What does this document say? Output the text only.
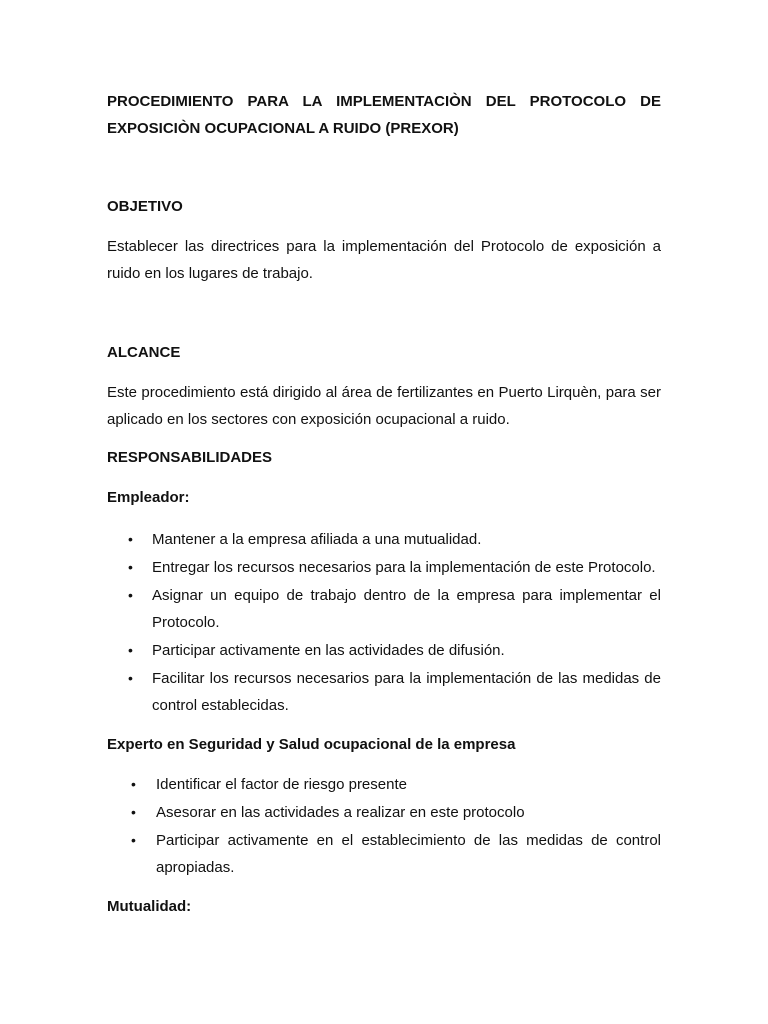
PROCEDIMIENTO PARA LA IMPLEMENTACIÒN DEL PROTOCOLO DE EXPOSICIÒN OCUPACIONAL A RUIDO (PREXOR)
OBJETIVO
Establecer las directrices para la implementación del Protocolo de exposición a ruido en los lugares de trabajo.
ALCANCE
Este procedimiento está dirigido al área de fertilizantes en Puerto Lirquèn, para ser aplicado en los sectores con exposición ocupacional a ruido.
RESPONSABILIDADES
Empleador:
• Mantener a la empresa afiliada a una mutualidad.
• Entregar los recursos necesarios para la implementación de este Protocolo.
• Asignar un equipo de trabajo dentro de la empresa para implementar el Protocolo.
• Participar activamente en las actividades de difusión.
• Facilitar los recursos necesarios para la implementación de las medidas de control establecidas.
Experto en Seguridad y Salud ocupacional de la empresa
• Identificar el factor de riesgo presente
• Asesorar en las actividades a realizar en este protocolo
• Participar activamente en el establecimiento de las medidas de control apropiadas.
Mutualidad:
